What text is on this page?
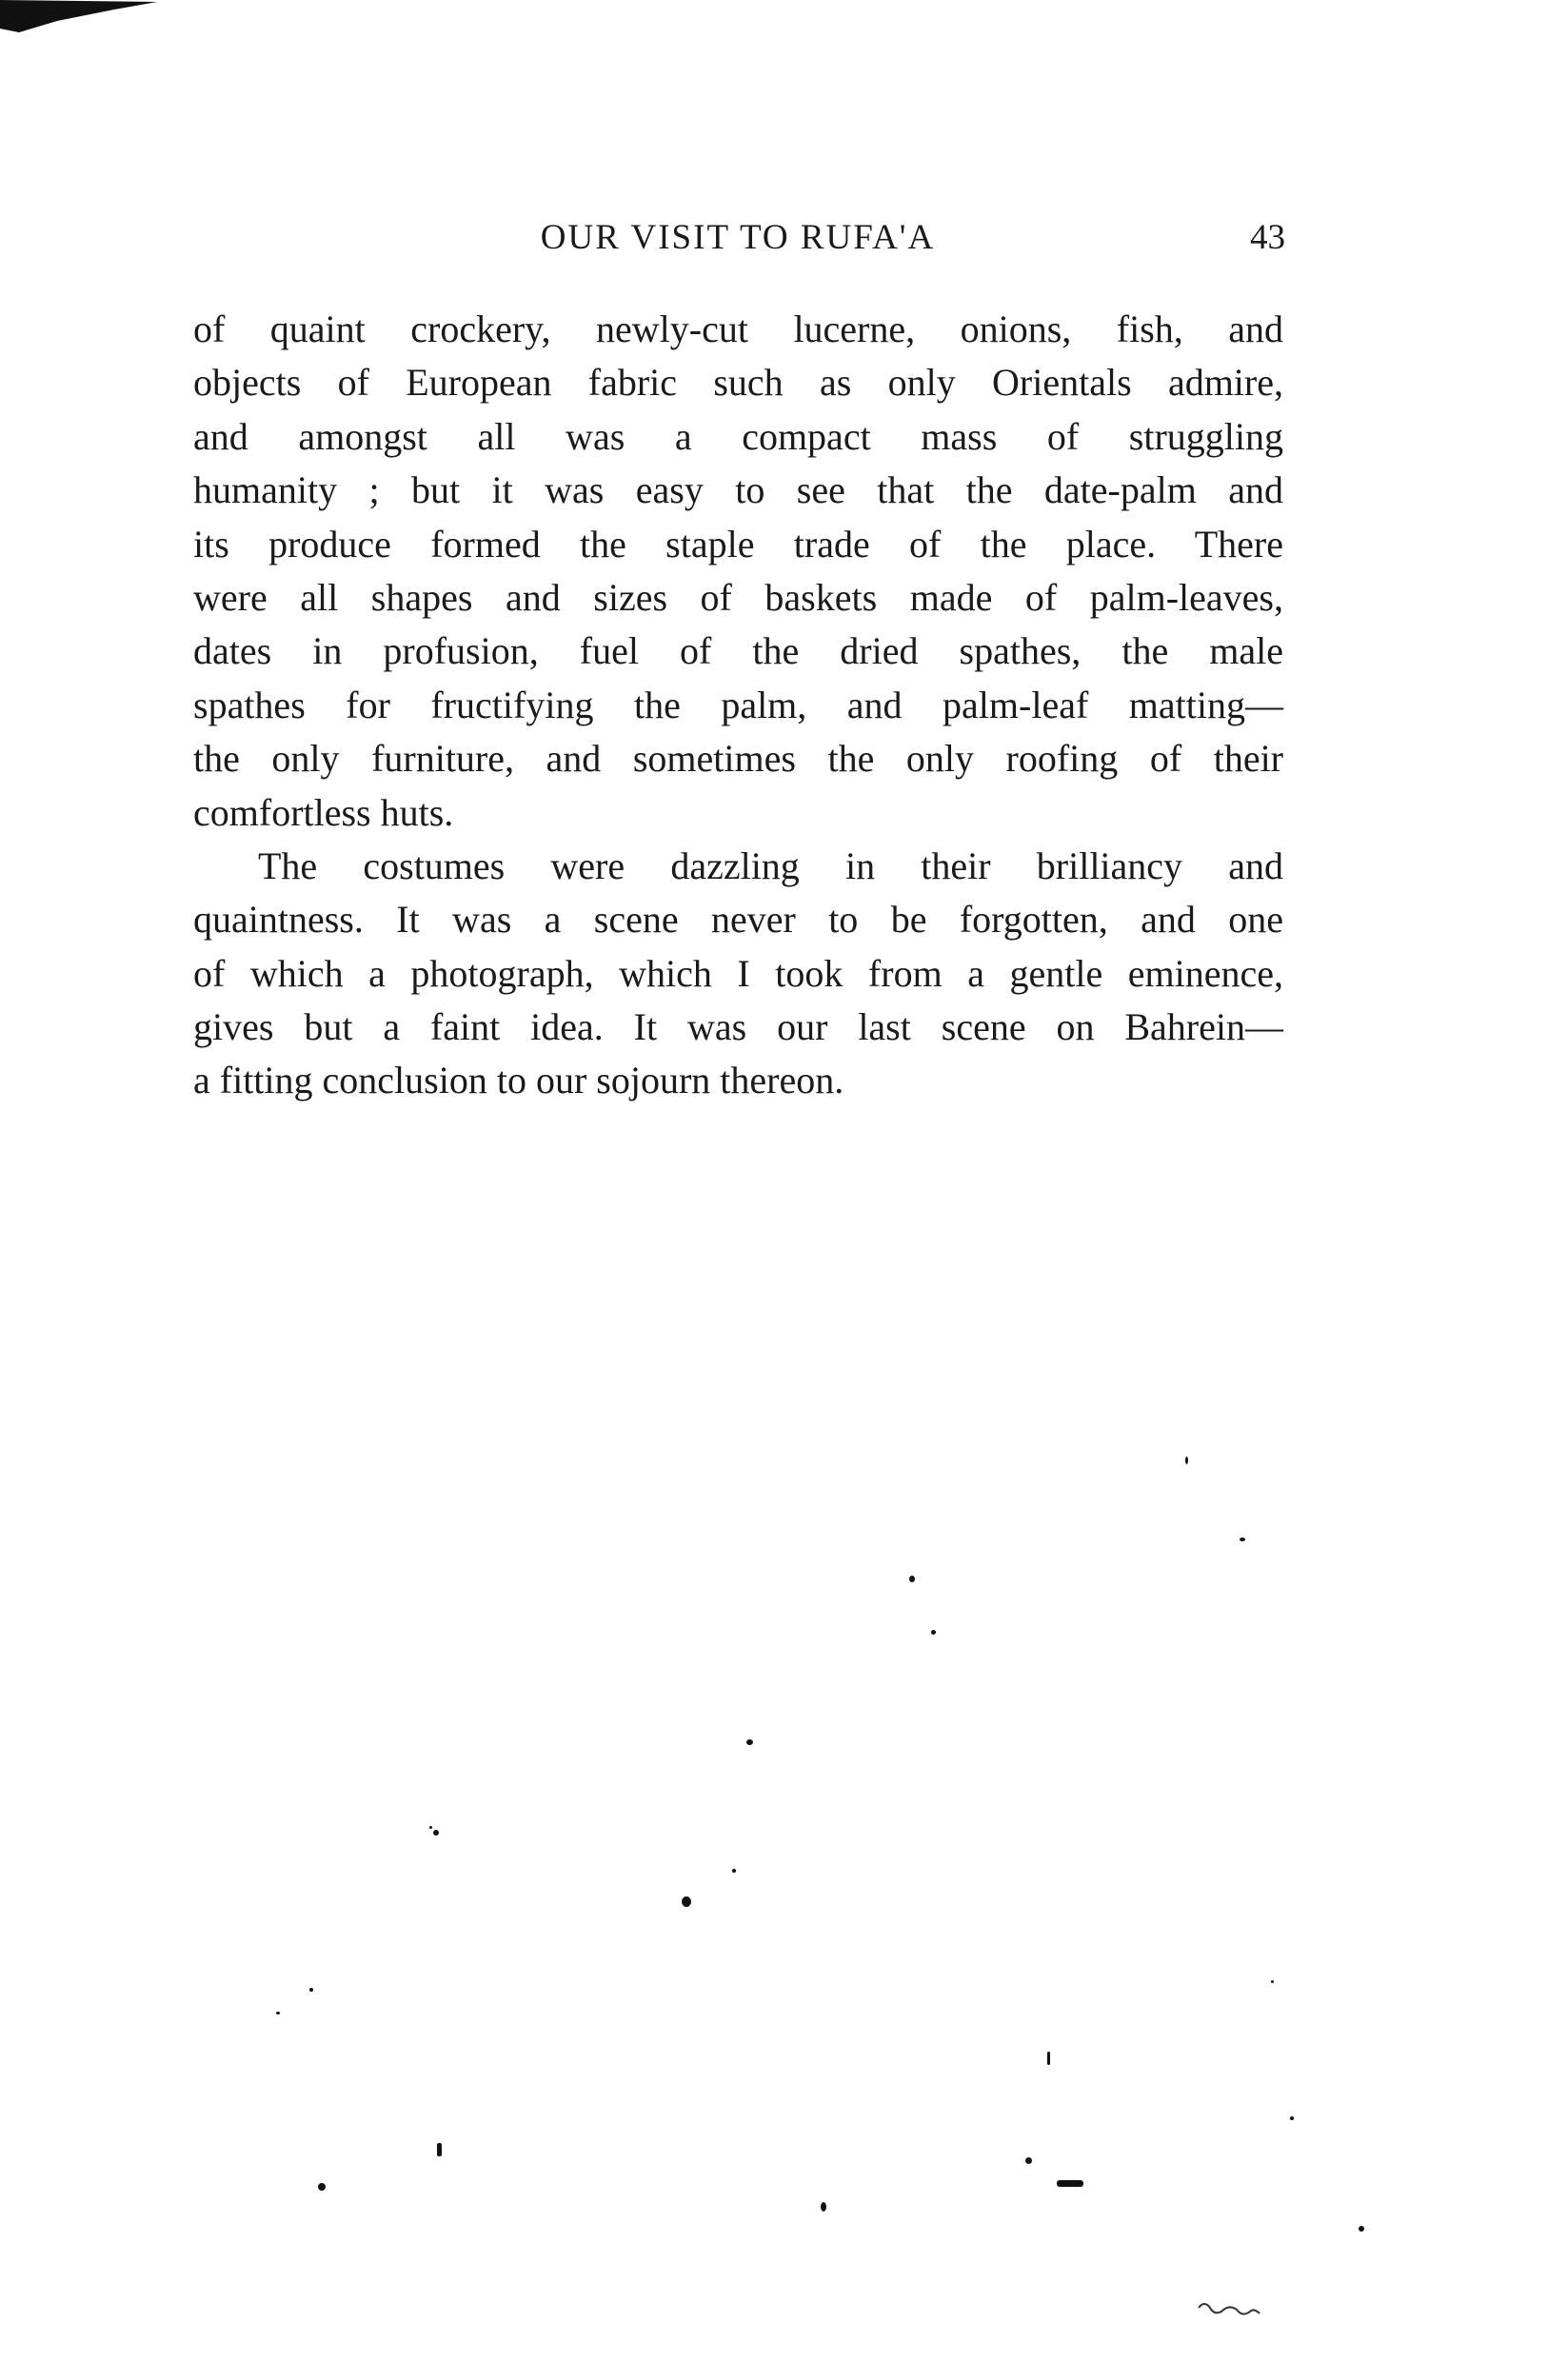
OUR VISIT TO RUFA'A	43
of quaint crockery, newly-cut lucerne, onions, fish, and
objects of European fabric such as only Orientals admire,
and amongst all was a compact mass of struggling
humanity ; but it was easy to see that the date-palm and
its produce formed the staple trade of the place. There
were all shapes and sizes of baskets made of palm-leaves,
dates in profusion, fuel of the dried spathes, the male
spathes for fructifying the palm, and palm-leaf matting—
the only furniture, and sometimes the only roofing of their
comfortless huts.
The costumes were dazzling in their brilliancy and
quaintness. It was a scene never to be forgotten, and one
of which a photograph, which I took from a gentle eminence,
gives but a faint idea. It was our last scene on Bahrein—
a fitting conclusion to our sojourn thereon.
